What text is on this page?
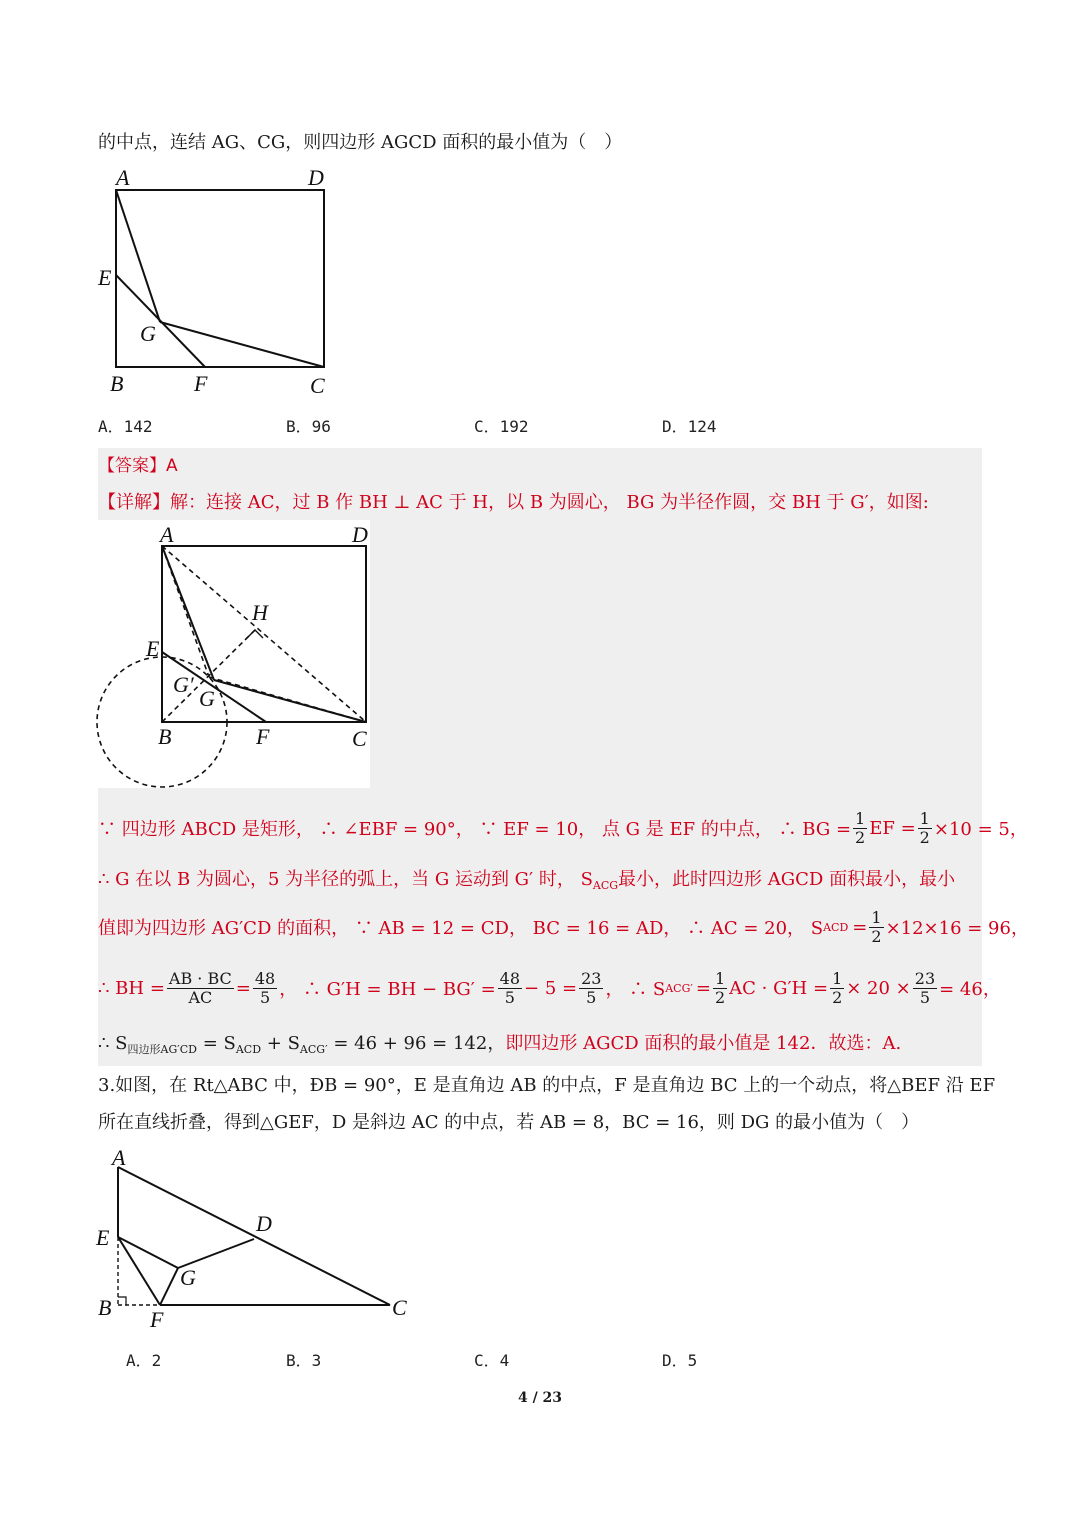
的中点，连结 AG、CG，则四边形 AGCD 面积的最小值为（　）
A	D
E
G
B	F	C
A．142	B．96	C．192	D．124
【答案】A
【详解】解：连接 AC，过 B 作 BH ⊥ AC 于 H，以 B 为圆心， BG 为半径作圆，交 BH 于 G′，如图:
A	D
H
E
G′
G
B	F	C
∵ 四边形 ABCD 是矩形， ∴ ∠EBF = 90°， ∵ EF = 10， 点 G 是 EF 的中点， ∴ BG = $\frac{1}{2}$ EF = $\frac{1}{2} \times 10 = 5$，
∴ G 在以 B 为圆心，5 为半径的弧上，当 G 运动到 G′ 时， $S_{ACG}$最小，此时四边形 AGCD 面积最小，最小
值即为四边形 AG′CD 的面积， ∵ AB = 12 = CD， BC = 16 = AD， ∴ AC = 20， S ACD = $\frac{1}{2} \times 12\times 16 = 96$，
∴ BH = $\frac{AB \cdot BC}{AC} = \frac{48}{5}$ ， ∴ G′H = BH − $BG' = \frac{48}{5} - 5 = \frac{23}{5}$ ， ∴ S $ACG' = \frac{1}{2}$ AC · $G'H = \frac{1}{2} \times 20 \times \frac{23}{5} = 46$，
∴ $S_{四边形AG'CD} = S_{ACD} + S_{ACG'} = 46 + 96 = 142$，即四边形 AGCD 面积的最小值是 142．故选：A.
3.如图，在 Rt△ABC 中，ÐB = 90°，E 是直角边 AB 的中点，F 是直角边 BC 上的一个动点，将△BEF 沿 EF
所在直线折叠，得到△GEF，D 是斜边 AC 的中点，若 AB = 8，BC = 16，则 DG 的最小值为（　）
A
D
E
G
B F	C
A．2	B．3	C．4	D．5
4 / 23
